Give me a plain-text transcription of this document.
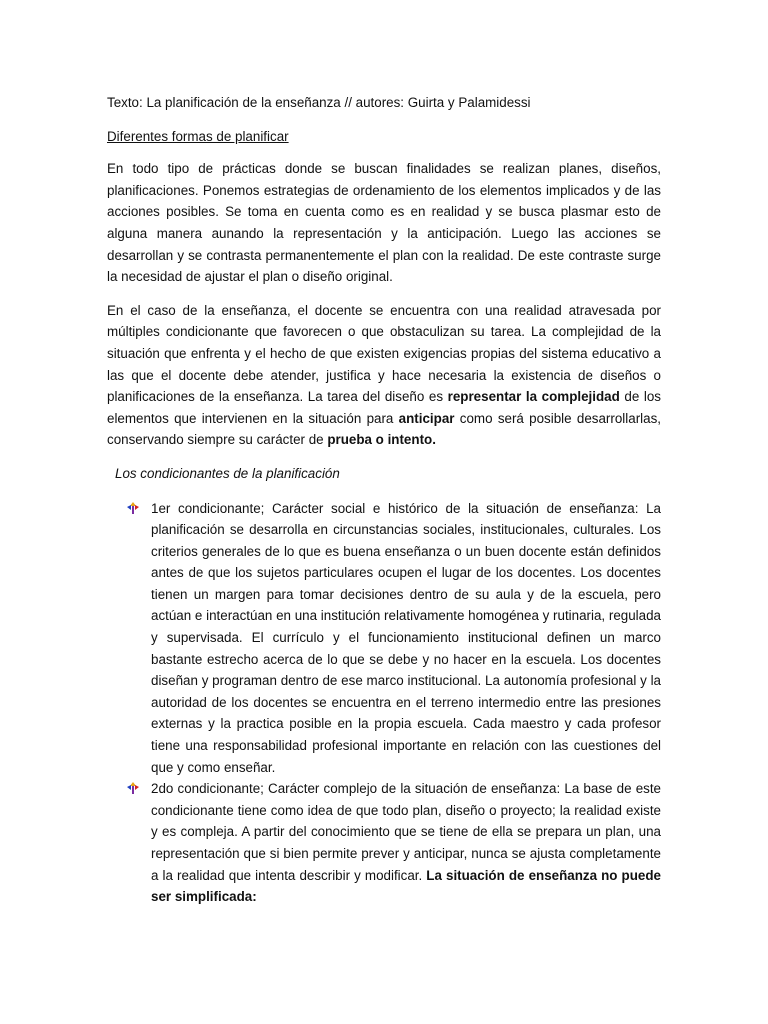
Texto: La planificación de la enseñanza // autores: Guirta y Palamidessi

Diferentes formas de planificar

En todo tipo de prácticas donde se buscan finalidades se realizan planes, diseños, planificaciones. Ponemos estrategias de ordenamiento de los elementos implicados y de las acciones posibles. Se toma en cuenta como es en realidad y se busca plasmar esto de alguna manera aunando la representación y la anticipación. Luego las acciones se desarrollan y se contrasta permanentemente el plan con la realidad. De este contraste surge la necesidad de ajustar el plan o diseño original.

En el caso de la enseñanza, el docente se encuentra con una realidad atravesada por múltiples condicionante que favorecen o que obstaculizan su tarea. La complejidad de la situación que enfrenta y el hecho de que existen exigencias propias del sistema educativo a las que el docente debe atender, justifica y hace necesaria la existencia de diseños o planificaciones de la enseñanza. La tarea del diseño es representar la complejidad de los elementos que intervienen en la situación para anticipar como será posible desarrollarlas, conservando siempre su carácter de prueba o intento.

Los condicionantes de la planificación

1er condicionante; Carácter social e histórico de la situación de enseñanza: La planificación se desarrolla en circunstancias sociales, institucionales, culturales. Los criterios generales de lo que es buena enseñanza o un buen docente están definidos antes de que los sujetos particulares ocupen el lugar de los docentes. Los docentes tienen un margen para tomar decisiones dentro de su aula y de la escuela, pero actúan e interactúan en una institución relativamente homogénea y rutinaria, regulada y supervisada. El currículo y el funcionamiento institucional definen un marco bastante estrecho acerca de lo que se debe y no hacer en la escuela. Los docentes diseñan y programan dentro de ese marco institucional. La autonomía profesional y la autoridad de los docentes se encuentra en el terreno intermedio entre las presiones externas y la practica posible en la propia escuela. Cada maestro y cada profesor tiene una responsabilidad profesional importante en relación con las cuestiones del que y como enseñar.
2do condicionante; Carácter complejo de la situación de enseñanza: La base de este condicionante tiene como idea de que todo plan, diseño o proyecto; la realidad existe y es compleja. A partir del conocimiento que se tiene de ella se prepara un plan, una representación que si bien permite prever y anticipar, nunca se ajusta completamente a la realidad que intenta describir y modificar. La situación de enseñanza no puede ser simplificada:
